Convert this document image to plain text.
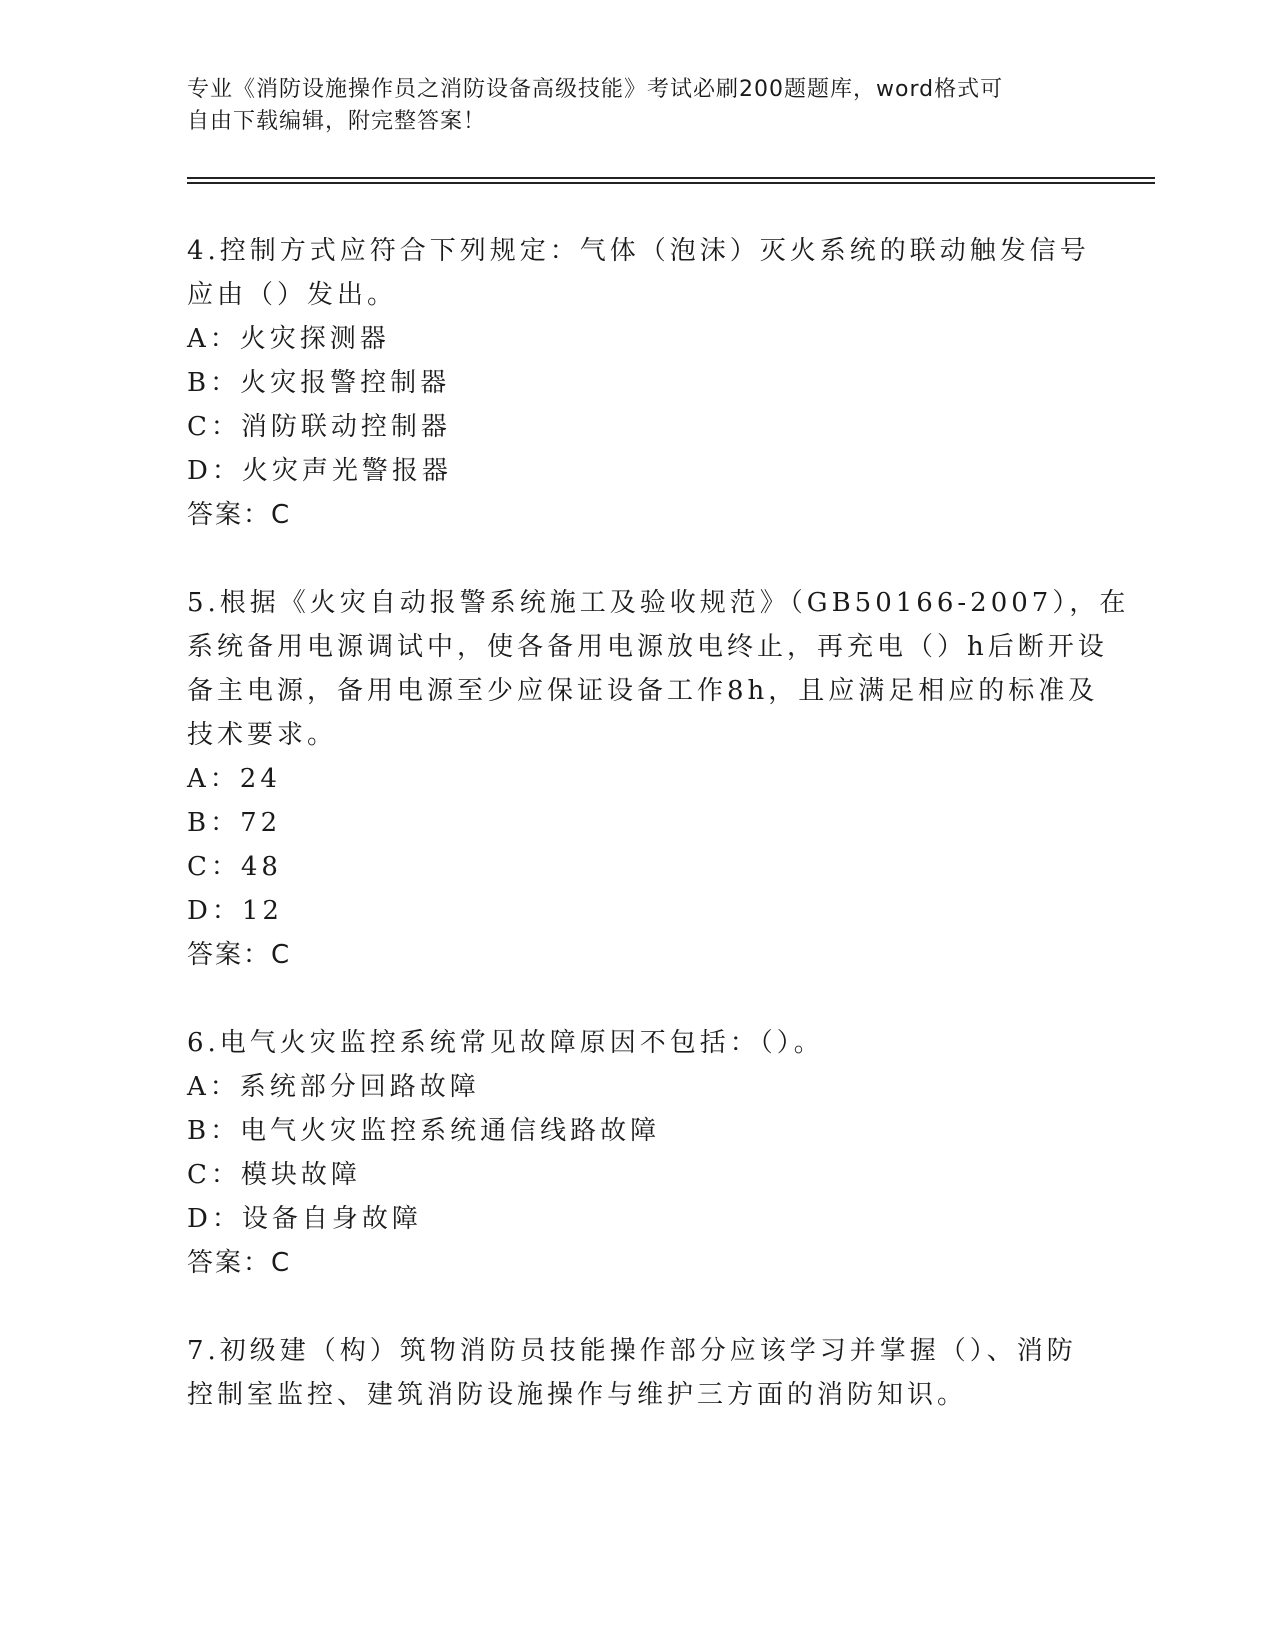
专业《消防设施操作员之消防设备高级技能》考试必刷200题题库，word格式可
自由下载编辑，附完整答案！
4.控制方式应符合下列规定：气体（泡沫）灭火系统的联动触发信号
应由（）发出。
A：火灾探测器
B：火灾报警控制器
C：消防联动控制器
D：火灾声光警报器
答案：C
5.根据《火灾自动报警系统施工及验收规范》（GB50166-2007），在
系统备用电源调试中，使各备用电源放电终止，再充电（）h后断开设
备主电源，备用电源至少应保证设备工作8h，且应满足相应的标准及
技术要求。
A：24
B：72
C：48
D：12
答案：C
6.电气火灾监控系统常见故障原因不包括：（）。
A：系统部分回路故障
B：电气火灾监控系统通信线路故障
C：模块故障
D：设备自身故障
答案：C
7.初级建（构）筑物消防员技能操作部分应该学习并掌握（）、消防
控制室监控、建筑消防设施操作与维护三方面的消防知识。
